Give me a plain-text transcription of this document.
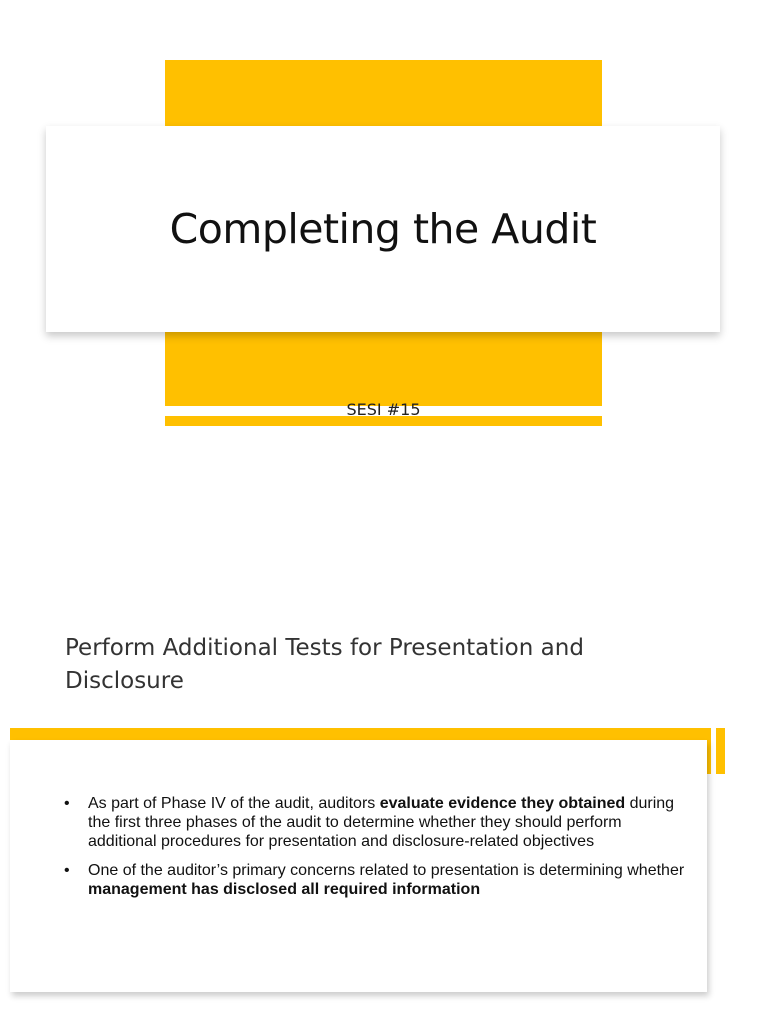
Completing the Audit
SESI #15
Perform Additional Tests for Presentation and Disclosure
• As part of Phase IV of the audit, auditors evaluate evidence they obtained during the first three phases of the audit to determine whether they should perform additional procedures for presentation and disclosure-related objectives
• One of the auditor’s primary concerns related to presentation is determining whether management has disclosed all required information
